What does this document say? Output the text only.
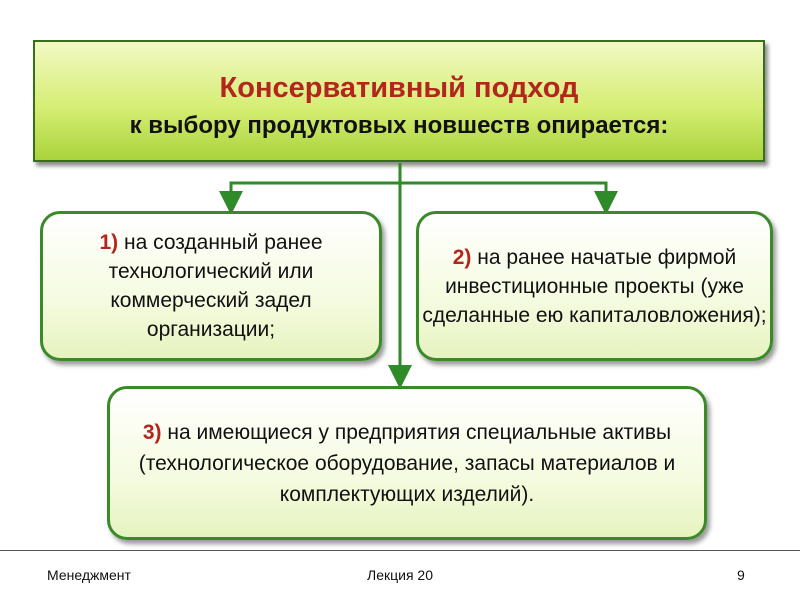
Консервативный подход
к выбору продуктовых новшеств опирается:
1) на созданный ранее технологический или коммерческий задел организации;
2) на ранее начатые фирмой инвестиционные проекты (уже сделанные ею капиталовложения);
3) на имеющиеся у предприятия специальные активы (технологическое оборудование, запасы материалов и комплектующих изделий).
Менеджмент	Лекция 20	9
